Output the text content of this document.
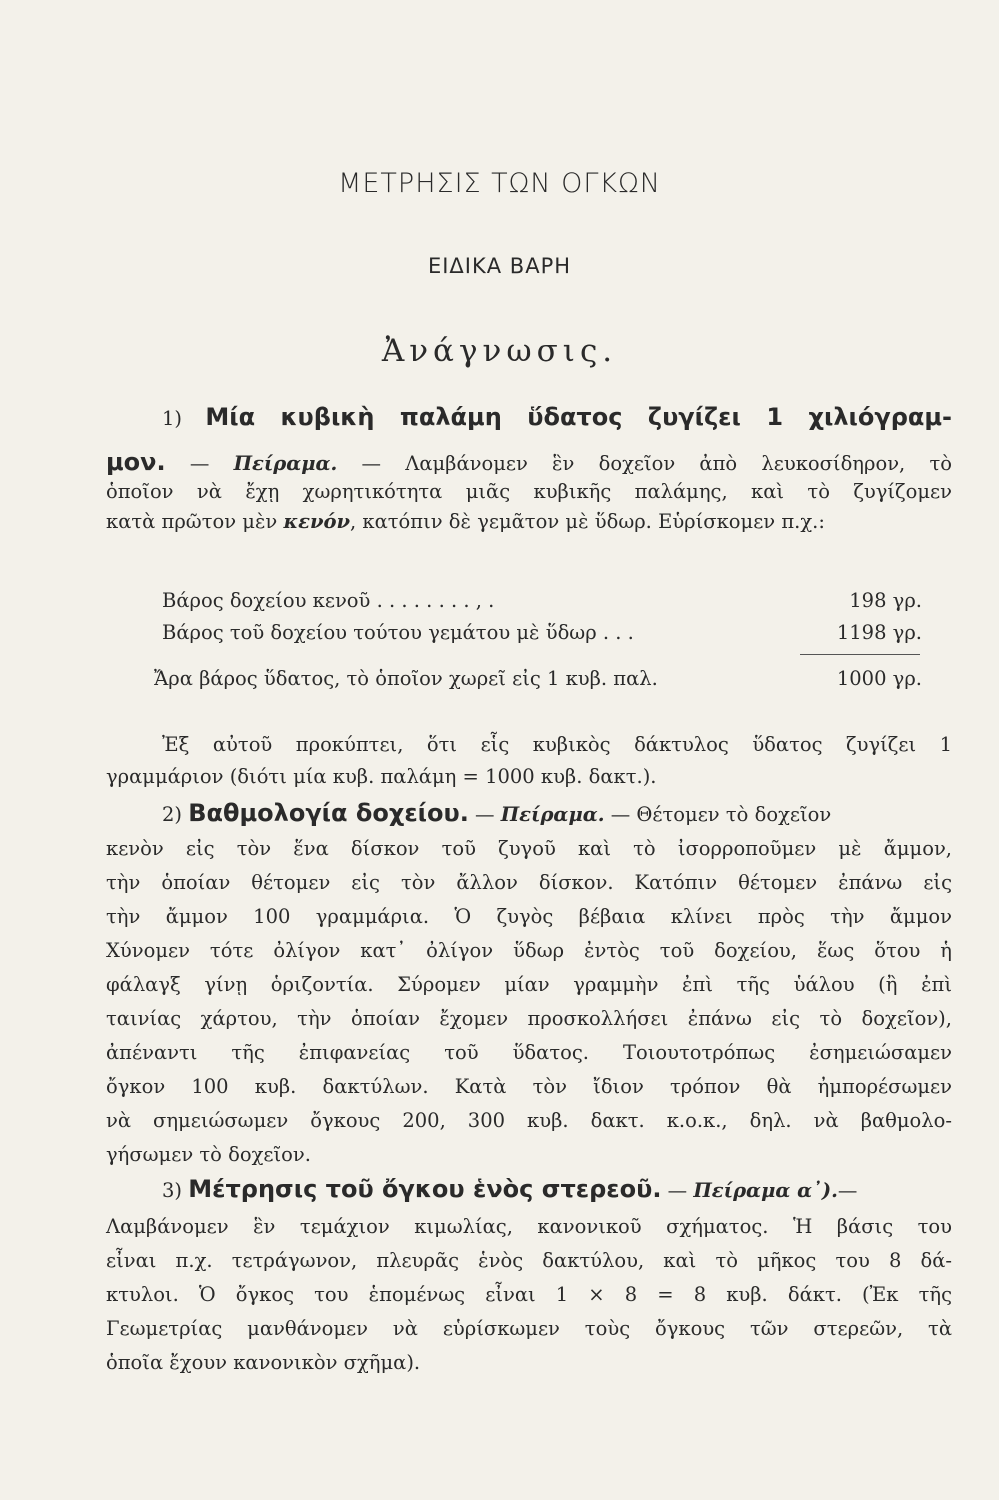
ΜΕΤΡΗΣΙΣ ΤΩΝ ΟΓΚΩΝ
ΕΙΔΙΚΑ ΒΑΡΗ
Ἀνάγνωσις.
1) Μία κυβικὴ παλάμη ὕδατος ζυγίζει 1 χιλιόγραμ-
μον. — Πείραμα. — Λαμβάνομεν ἓν δοχεῖον ἀπὸ λευκοσίδηρον, τὸ
ὁποῖον νὰ ἔχῃ χωρητικότητα μιᾶς κυβικῆς παλάμης, καὶ τὸ ζυγίζομεν
κατὰ πρῶτον μὲν κενόν, κατόπιν δὲ γεμᾶτον μὲ ὕδωρ. Εὑρίσκομεν π.χ.:
Βάρος δοχείου κενοῦ . . . . . . . . , .	198 γρ.
Βάρος τοῦ δοχείου τούτου γεμάτου μὲ ὕδωρ . . .	1198 γρ.
Ἄρα βάρος ὕδατος, τὸ ὁποῖον χωρεῖ εἰς 1 κυβ. παλ.	1000 γρ.
Ἐξ αὐτοῦ προκύπτει, ὅτι εἷς κυβικὸς δάκτυλος ὕδατος ζυγίζει 1
γραμμάριον (διότι μία κυβ. παλάμη = 1000 κυβ. δακτ.).
2) Βαθμολογία δοχείου. — Πείραμα. — Θέτομεν τὸ δοχεῖον
κενὸν εἰς τὸν ἕνα δίσκον τοῦ ζυγοῦ καὶ τὸ ἰσορροποῦμεν μὲ ἄμμον,
τὴν ὁποίαν θέτομεν εἰς τὸν ἄλλον δίσκον. Κατόπιν θέτομεν ἐπάνω εἰς
τὴν ἄμμον 100 γραμμάρια. Ὁ ζυγὸς βέβαια κλίνει πρὸς τὴν ἄμμον
Χύνομεν τότε ὀλίγον κατ᾽ ὀλίγον ὕδωρ ἐντὸς τοῦ δοχείου, ἕως ὅτου ἡ
φάλαγξ γίνῃ ὁριζοντία. Σύρομεν μίαν γραμμὴν ἐπὶ τῆς ὑάλου (ἢ ἐπὶ
ταινίας χάρτου, τὴν ὁποίαν ἔχομεν προσκολλήσει ἐπάνω εἰς τὸ δοχεῖον),
ἀπέναντι τῆς ἐπιφανείας τοῦ ὕδατος. Τοιουτοτρόπως ἐσημειώσαμεν
ὄγκον 100 κυβ. δακτύλων. Κατὰ τὸν ἴδιον τρόπον θὰ ἠμπορέσωμεν
νὰ σημειώσωμεν ὄγκους 200, 300 κυβ. δακτ. κ.ο.κ., δηλ. νὰ βαθμολο-
γήσωμεν τὸ δοχεῖον.
3) Μέτρησις τοῦ ὄγκου ἑνὸς στερεοῦ. — Πείραμα α᾽).—
Λαμβάνομεν ἓν τεμάχιον κιμωλίας, κανονικοῦ σχήματος. Ἡ βάσις του
εἶναι π.χ. τετράγωνον, πλευρᾶς ἑνὸς δακτύλου, καὶ τὸ μῆκος του 8 δά-
κτυλοι. Ὁ ὄγκος του ἑπομένως εἶναι 1 × 8 = 8 κυβ. δάκτ. (Ἐκ τῆς
Γεωμετρίας μανθάνομεν νὰ εὑρίσκωμεν τοὺς ὄγκους τῶν στερεῶν, τὰ
ὁποῖα ἔχουν κανονικὸν σχῆμα).
